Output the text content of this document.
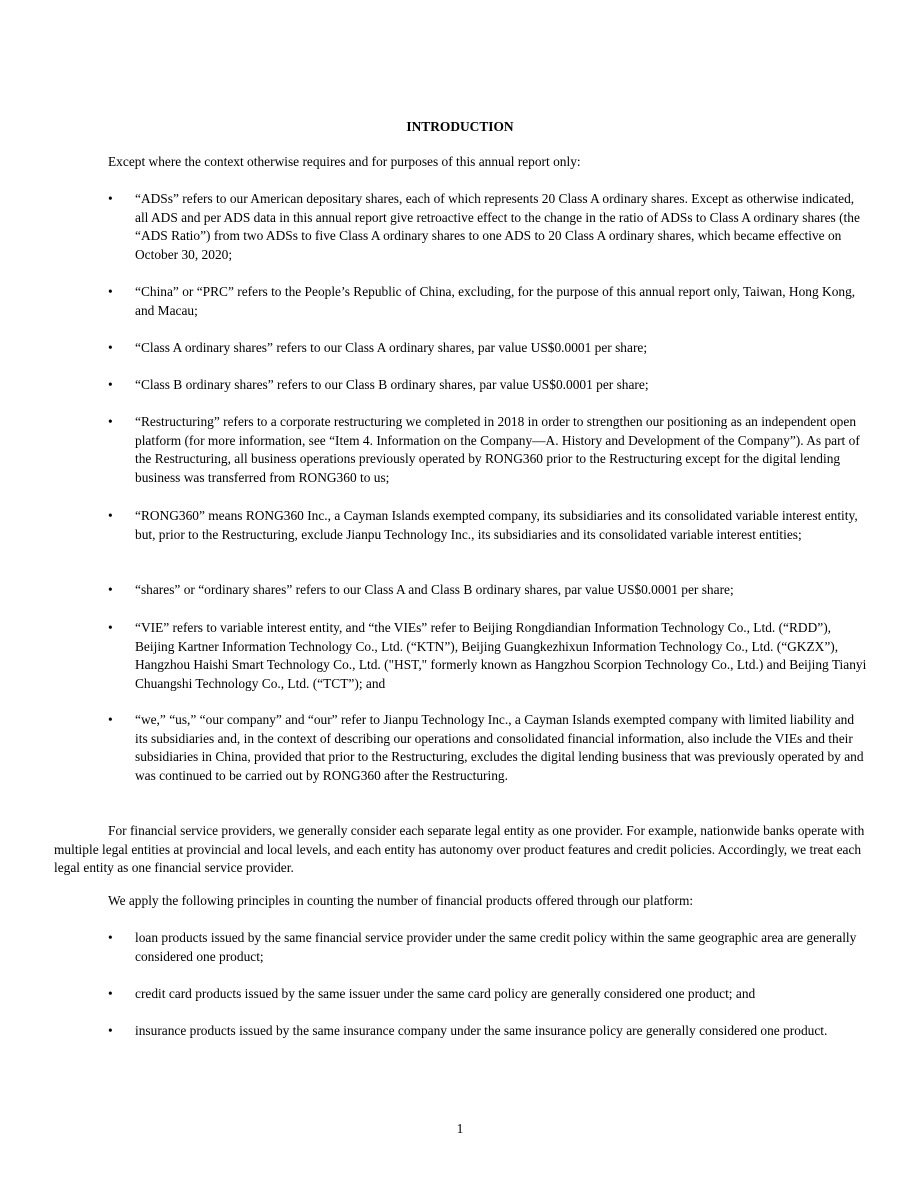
INTRODUCTION

Except where the context otherwise requires and for purposes of this annual report only:

•	“ADSs” refers to our American depositary shares, each of which represents 20 Class A ordinary shares. Except as otherwise indicated, all ADS and per ADS data in this annual report give retroactive effect to the change in the ratio of ADSs to Class A ordinary shares (the “ADS Ratio”) from two ADSs to five Class A ordinary shares to one ADS to 20 Class A ordinary shares, which became effective on October 30, 2020;
•	“China” or “PRC” refers to the People’s Republic of China, excluding, for the purpose of this annual report only, Taiwan, Hong Kong, and Macau;
•	“Class A ordinary shares” refers to our Class A ordinary shares, par value US$0.0001 per share;
•	“Class B ordinary shares” refers to our Class B ordinary shares, par value US$0.0001 per share;
•	“Restructuring” refers to a corporate restructuring we completed in 2018 in order to strengthen our positioning as an independent open platform (for more information, see “Item 4. Information on the Company—A. History and Development of the Company”). As part of the Restructuring, all business operations previously operated by RONG360 prior to the Restructuring except for the digital lending business was transferred from RONG360 to us;
•	“RONG360” means RONG360 Inc., a Cayman Islands exempted company, its subsidiaries and its consolidated variable interest entity, but, prior to the Restructuring, exclude Jianpu Technology Inc., its subsidiaries and its consolidated variable interest entities;
•	“shares” or “ordinary shares” refers to our Class A and Class B ordinary shares, par value US$0.0001 per share;
•	“VIE” refers to variable interest entity, and “the VIEs” refer to Beijing Rongdiandian Information Technology Co., Ltd. (“RDD”), Beijing Kartner Information Technology Co., Ltd. (“KTN”), Beijing Guangkezhixun Information Technology Co., Ltd. (“GKZX”), Hangzhou Haishi Smart Technology Co., Ltd. ("HST," formerly known as Hangzhou Scorpion Technology Co., Ltd.) and Beijing Tianyi Chuangshi Technology Co., Ltd. (“TCT”); and
•	“we,” “us,” “our company” and “our” refer to Jianpu Technology Inc., a Cayman Islands exempted company with limited liability and its subsidiaries and, in the context of describing our operations and consolidated financial information, also include the VIEs and their subsidiaries in China, provided that prior to the Restructuring, excludes the digital lending business that was previously operated by and was continued to be carried out by RONG360 after the Restructuring.

For financial service providers, we generally consider each separate legal entity as one provider. For example, nationwide banks operate with multiple legal entities at provincial and local levels, and each entity has autonomy over product features and credit policies. Accordingly, we treat each legal entity as one financial service provider.

We apply the following principles in counting the number of financial products offered through our platform:

•	loan products issued by the same financial service provider under the same credit policy within the same geographic area are generally considered one product;
•	credit card products issued by the same issuer under the same card policy are generally considered one product; and
•	insurance products issued by the same insurance company under the same insurance policy are generally considered one product.

1
